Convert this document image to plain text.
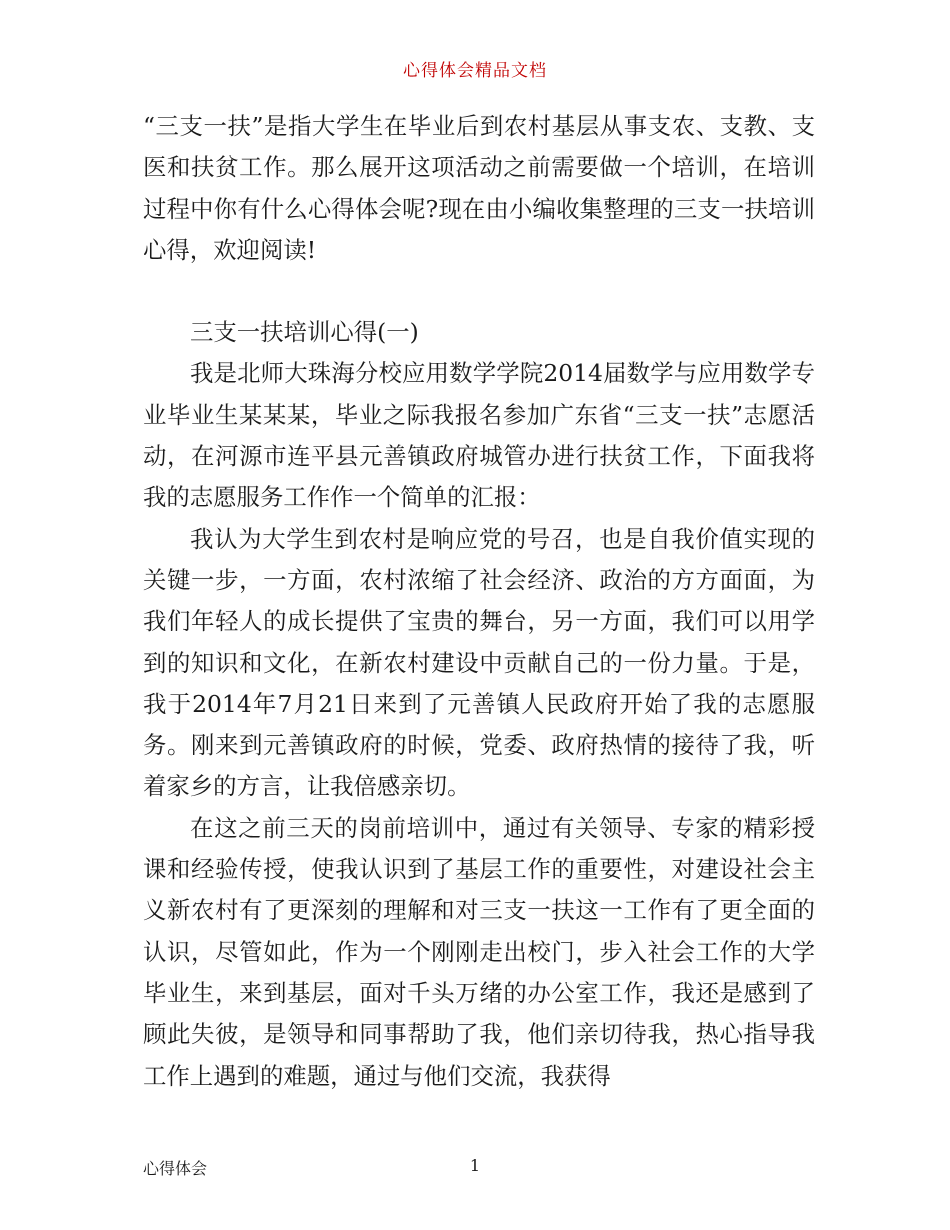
心得体会精品文档

“三支一扶”是指大学生在毕业后到农村基层从事支农、支教、支医和扶贫工作。那么展开这项活动之前需要做一个培训，在培训过程中你有什么心得体会呢?现在由小编收集整理的三支一扶培训心得，欢迎阅读!

三支一扶培训心得(一)

我是北师大珠海分校应用数学学院2014届数学与应用数学专业毕业生某某某，毕业之际我报名参加广东省“三支一扶”志愿活动，在河源市连平县元善镇政府城管办进行扶贫工作，下面我将我的志愿服务工作作一个简单的汇报：

我认为大学生到农村是响应党的号召，也是自我价值实现的关键一步，一方面，农村浓缩了社会经济、政治的方方面面，为我们年轻人的成长提供了宝贵的舞台，另一方面，我们可以用学到的知识和文化，在新农村建设中贡献自己的一份力量。于是，我于2014年7月21日来到了元善镇人民政府开始了我的志愿服务。刚来到元善镇政府的时候，党委、政府热情的接待了我，听着家乡的方言，让我倍感亲切。

在这之前三天的岗前培训中，通过有关领导、专家的精彩授课和经验传授，使我认识到了基层工作的重要性，对建设社会主义新农村有了更深刻的理解和对三支一扶这一工作有了更全面的认识，尽管如此，作为一个刚刚走出校门，步入社会工作的大学毕业生，来到基层，面对千头万绪的办公室工作，我还是感到了顾此失彼，是领导和同事帮助了我，他们亲切待我，热心指导我工作上遇到的难题，通过与他们交流，我获得

心得体会	1
